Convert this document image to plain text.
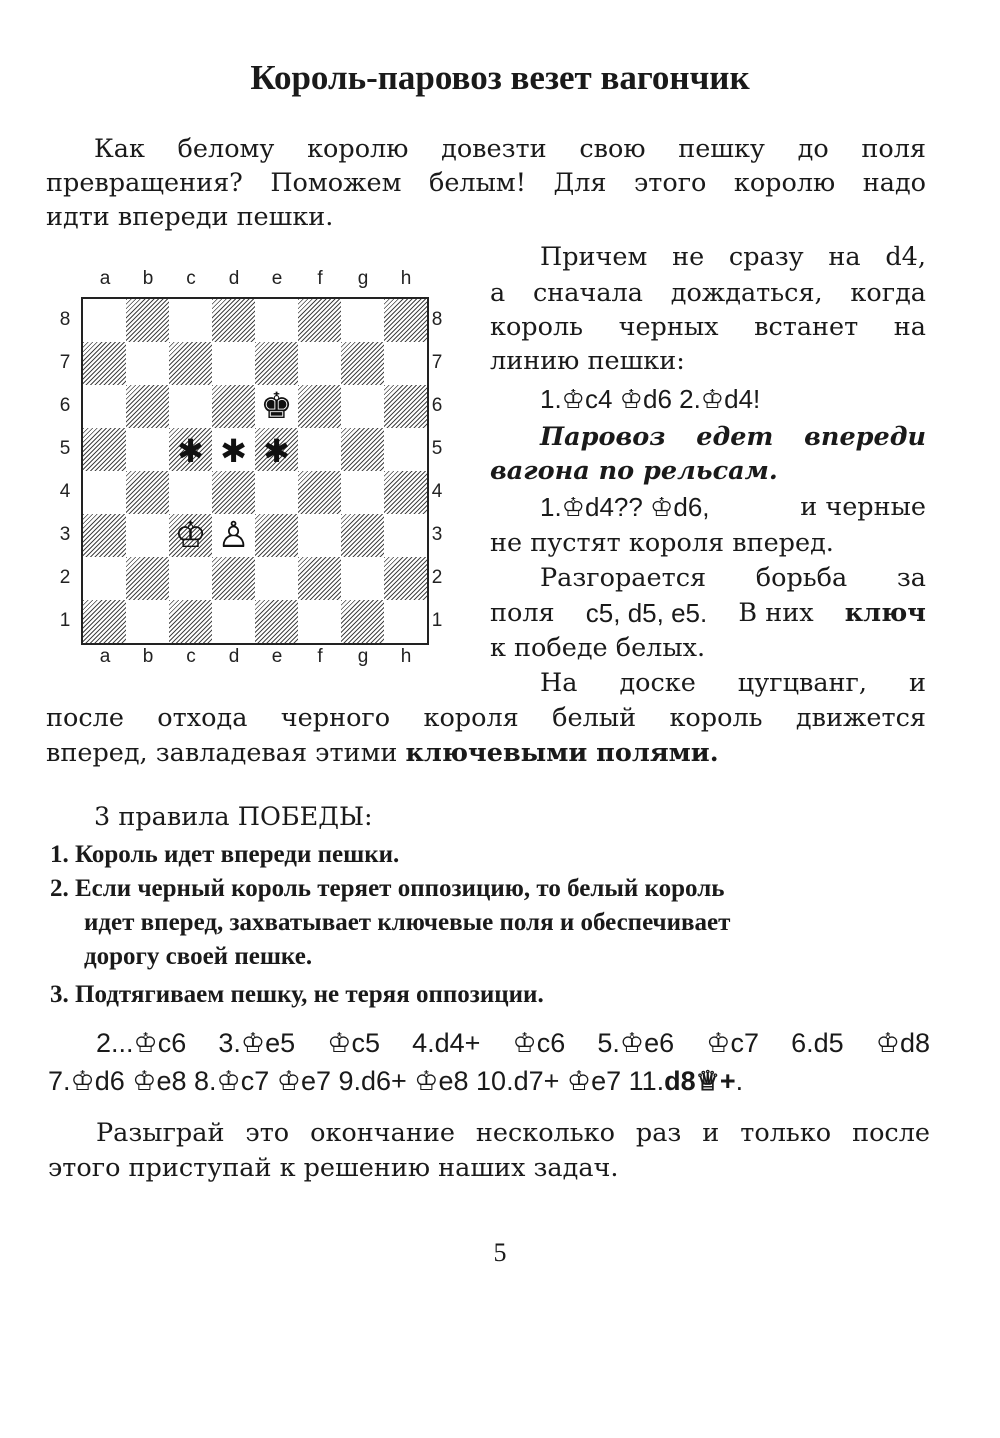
Король-паровоз везет вагончик

Как белому королю довезти свою пешку до поля

превращения? Поможем белым! Для этого королю надо

идти впереди пешки.

a	b	c	d	e	f	g	h
a	b	c	d	e	f	g	h
8
7
6
5
4
3
2
1
8
7
6
5
4
3
2
1
♚
✱ ✱ ✱
♔ ♙

Причем не сразу на d4,

а сначала дождаться, когда

король черных встанет на

линию пешки:

1.♔c4 ♔d6 2.♔d4!

Паровоз едет впереди

вагона по рельсам.

1.♔d4?? ♔d6,	и черные

не пустят короля вперед.

Разгорается борьба за

поля c5, d5, e5. В них ключ

к победе белых.

На доске цугцванг, и

после отхода черного короля белый король движется

вперед, завладевая этими ключевыми полями.

3 правила ПОБЕДЫ:

1. Король идет впереди пешки.

2. Если черный король теряет оппозицию, то белый король

идет вперед, захватывает ключевые поля и обеспечивает

дорогу своей пешке.

3. Подтягиваем пешку, не теряя оппозиции.

2...♔c6 3.♔e5 ♔c5 4.d4+ ♔c6 5.♔e6 ♔c7 6.d5 ♔d8

7.♔d6 ♔e8 8.♔c7 ♔e7 9.d6+ ♔e8 10.d7+ ♔e7 11.d8♕+.

Разыграй это окончание несколько раз и только после

этого приступай к решению наших задач.

5
